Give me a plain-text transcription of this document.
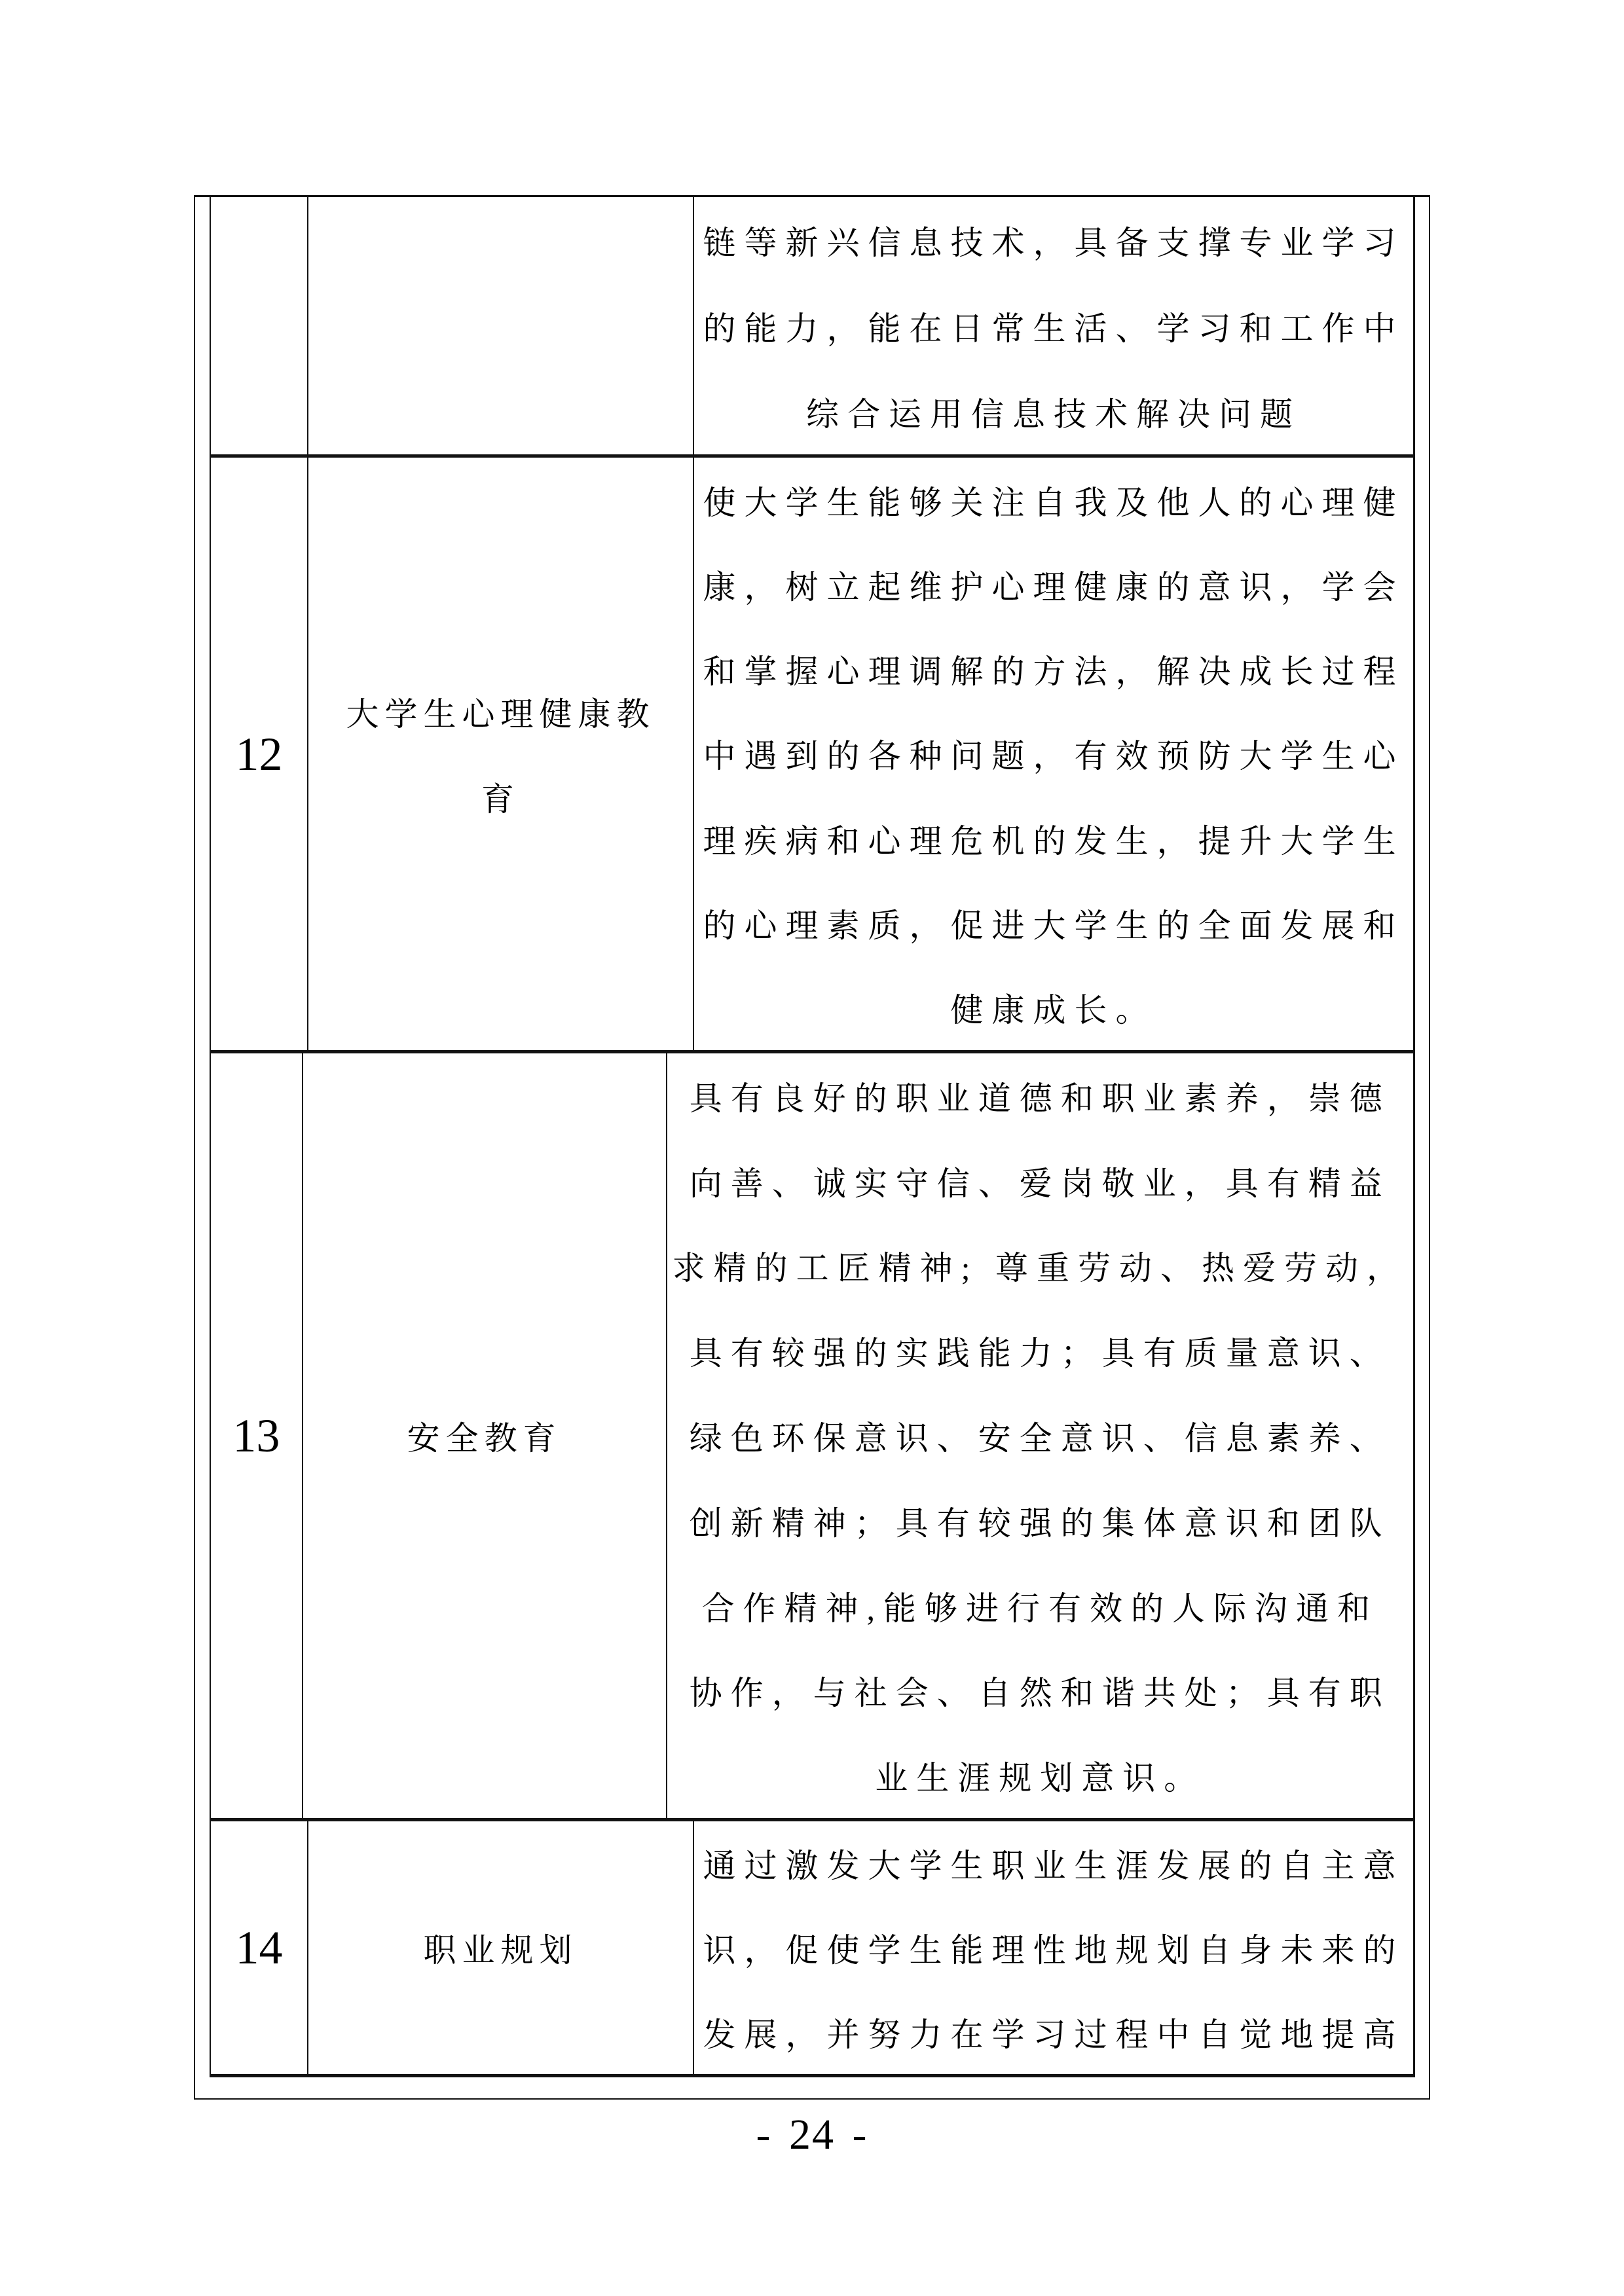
链等新兴信息技术，具备支撑专业学习
的能力，能在日常生活、学习和工作中
综合运用信息技术解决问题
12
大学生心理健康教
育
使大学生能够关注自我及他人的心理健
康，树立起维护心理健康的意识，学会
和掌握心理调解的方法，解决成长过程
中遇到的各种问题，有效预防大学生心
理疾病和心理危机的发生，提升大学生
的心理素质，促进大学生的全面发展和
健康成长。
13	安全教育
具有良好的职业道德和职业素养，崇德
向善、诚实守信、爱岗敬业，具有精益
求精的工匠精神; 尊重劳动、热爱劳动，
具有较强的实践能力；具有质量意识、
绿色环保意识、安全意识、信息素养、
创新精神；具有较强的集体意识和团队
合作精神,能够进行有效的人际沟通和
协作，与社会、自然和谐共处；具有职
业生涯规划意识。
14	职业规划
通过激发大学生职业生涯发展的自主意
识，促使学生能理性地规划自身未来的
发展，并努力在学习过程中自觉地提高
- 24 -
